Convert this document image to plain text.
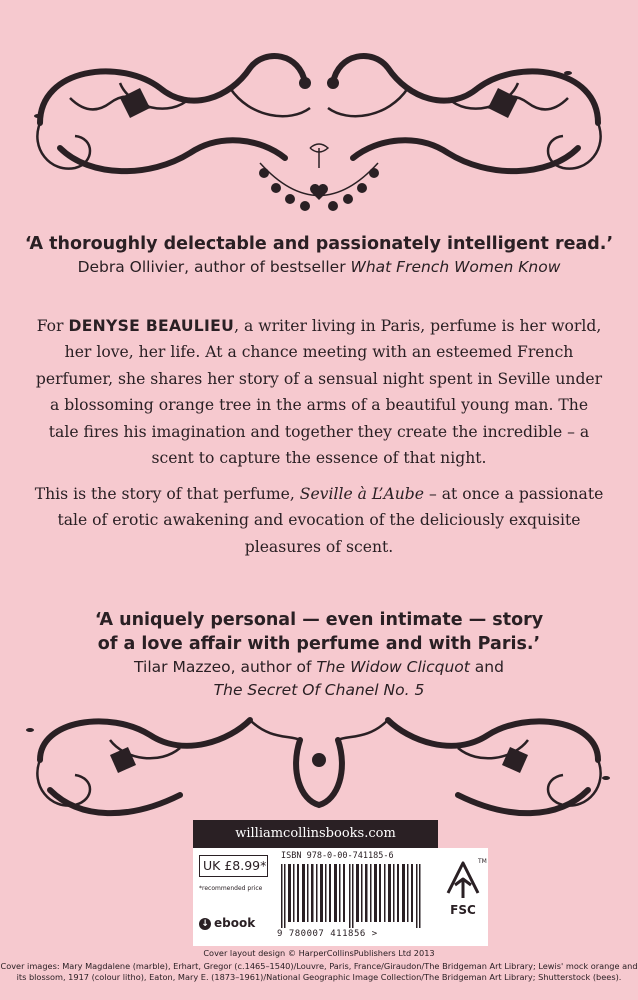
‘A thoroughly delectable and passionately intelligent read.’

Debra Ollivier, author of bestseller What French Women Know

For DENYSE BEAULIEU, a writer living in Paris, perfume is her world, her love, her life. At a chance meeting with an esteemed French perfumer, she shares her story of a sensual night spent in Seville under a blossoming orange tree in the arms of a beautiful young man. The tale fires his imagination and together they create the incredible – a scent to capture the essence of that night.

This is the story of that perfume, Seville à L’Aube – at once a passionate tale of erotic awakening and evocation of the deliciously exquisite pleasures of scent.

‘A uniquely personal — even intimate — story

of a love affair with perfume and with Paris.’

Tilar Mazzeo, author of The Widow Clicquot and

The Secret Of Chanel No. 5

williamcollinsbooks.com
UK £8.99*
*recommended price
↓ ebook
ISBN 978-0-00-741185-6
9 780007 411856 >
TM
FSC

Cover layout design © HarperCollinsPublishers Ltd 2013

Cover images: Mary Magdalene (marble), Erhart, Gregor (c.1465–1540)/Louvre, Paris, France/Giraudon/The Bridgeman Art Library; Lewis' mock orange and its blossom, 1917 (colour litho), Eaton, Mary E. (1873–1961)/National Geographic Image Collection/The Bridgeman Art Library; Shutterstock (bees).
